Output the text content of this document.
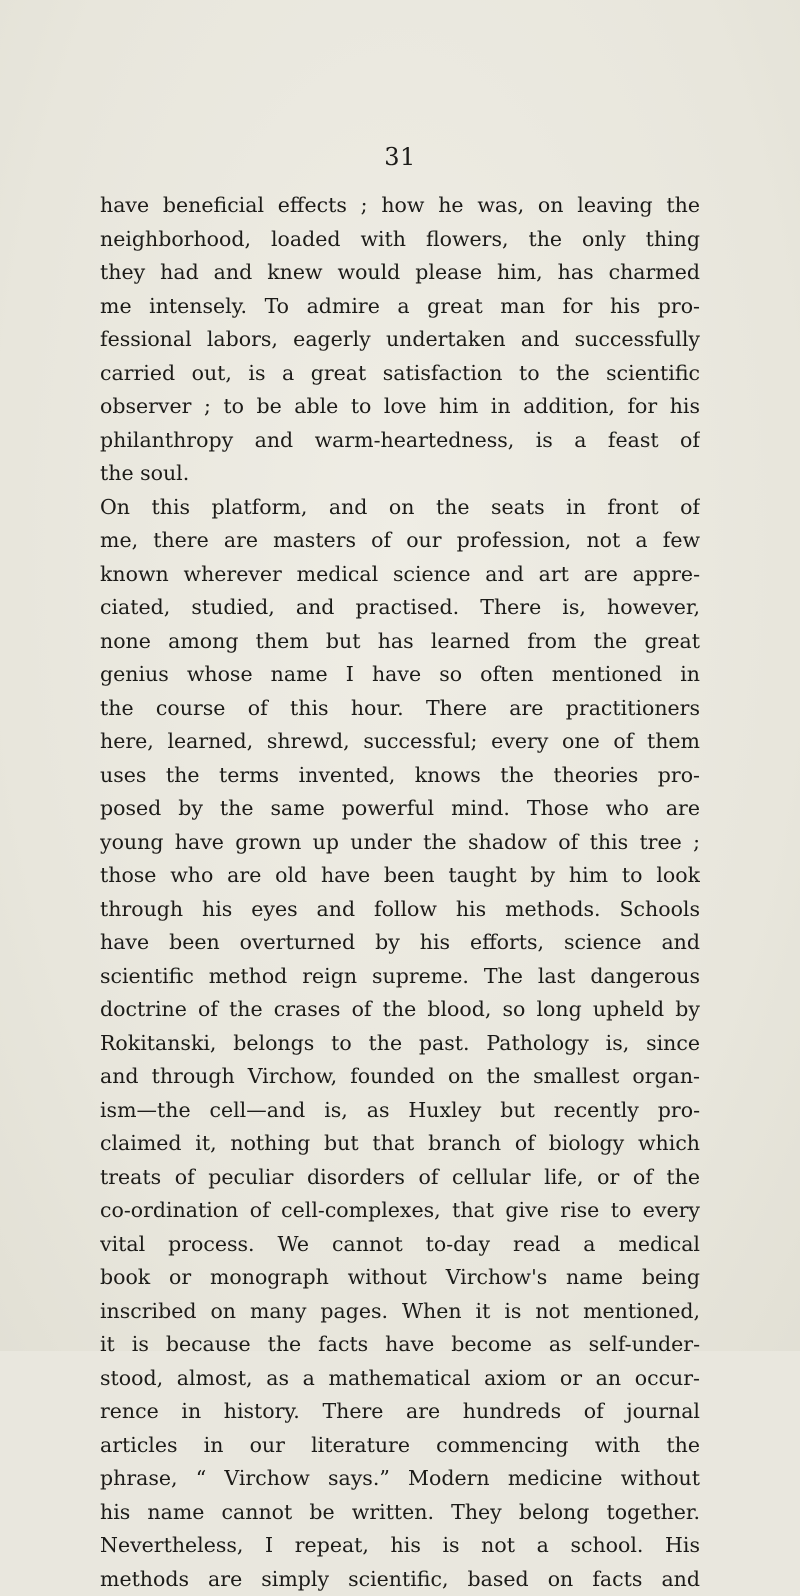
31
have beneficial effects ; how he was, on leaving the
neighborhood, loaded with flowers, the only thing
they had and knew would please him, has charmed
me intensely. To admire a great man for his pro-
fessional labors, eagerly undertaken and successfully
carried out, is a great satisfaction to the scientific
observer ; to be able to love him in addition, for his
philanthropy and warm-heartedness, is a feast of
the soul.
On this platform, and on the seats in front of
me, there are masters of our profession, not a few
known wherever medical science and art are appre-
ciated, studied, and practised. There is, however,
none among them but has learned from the great
genius whose name I have so often mentioned in
the course of this hour. There are practitioners
here, learned, shrewd, successful; every one of them
uses the terms invented, knows the theories pro-
posed by the same powerful mind. Those who are
young have grown up under the shadow of this tree ;
those who are old have been taught by him to look
through his eyes and follow his methods. Schools
have been overturned by his efforts, science and
scientific method reign supreme. The last dangerous
doctrine of the crases of the blood, so long upheld by
Rokitanski, belongs to the past. Pathology is, since
and through Virchow, founded on the smallest organ-
ism—the cell—and is, as Huxley but recently pro-
claimed it, nothing but that branch of biology which
treats of peculiar disorders of cellular life, or of the
co-ordination of cell-complexes, that give rise to every
vital process. We cannot to-day read a medical
book or monograph without Virchow's name being
inscribed on many pages. When it is not mentioned,
it is because the facts have become as self-under-
stood, almost, as a mathematical axiom or an occur-
rence in history. There are hundreds of journal
articles in our literature commencing with the
phrase, “ Virchow says.” Modern medicine without
his name cannot be written. They belong together.
Nevertheless, I repeat, his is not a school. His
methods are simply scientific, based on facts and
